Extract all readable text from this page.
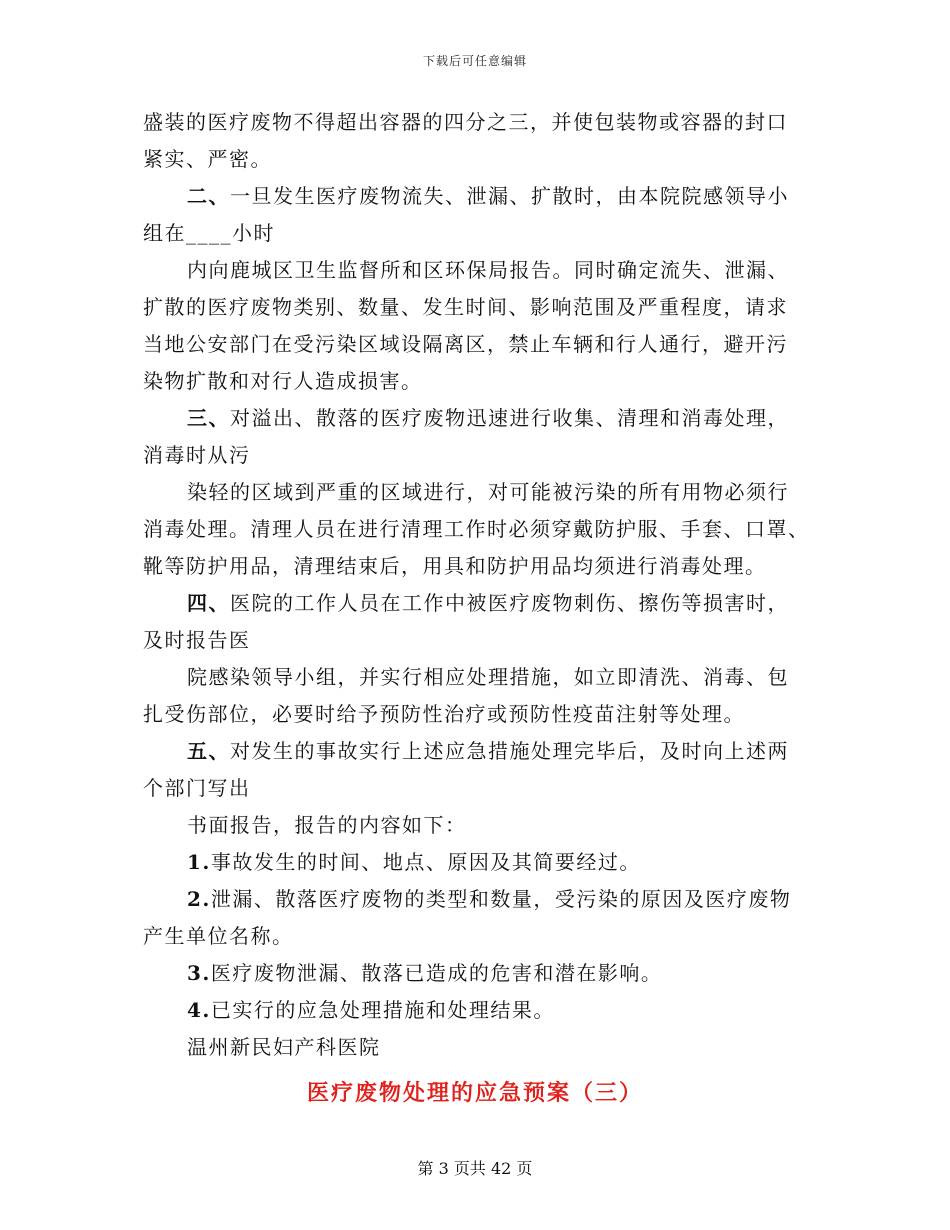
下载后可任意编辑
盛装的医疗废物不得超出容器的四分之三，并使包装物或容器的封口
紧实、严密。
二、一旦发生医疗废物流失、泄漏、扩散时，由本院院感领导小
组在____小时
内向鹿城区卫生监督所和区环保局报告。同时确定流失、泄漏、
扩散的医疗废物类别、数量、发生时间、影响范围及严重程度，请求
当地公安部门在受污染区域设隔离区，禁止车辆和行人通行，避开污
染物扩散和对行人造成损害。
三、对溢出、散落的医疗废物迅速进行收集、清理和消毒处理，
消毒时从污
染轻的区域到严重的区域进行，对可能被污染的所有用物必须行
消毒处理。清理人员在进行清理工作时必须穿戴防护服、手套、口罩、
靴等防护用品，清理结束后，用具和防护用品均须进行消毒处理。
四、医院的工作人员在工作中被医疗废物刺伤、擦伤等损害时，
及时报告医
院感染领导小组，并实行相应处理措施，如立即清洗、消毒、包
扎受伤部位，必要时给予预防性治疗或预防性疫苗注射等处理。
五、对发生的事故实行上述应急措施处理完毕后，及时向上述两
个部门写出
书面报告，报告的内容如下：
1.事故发生的时间、地点、原因及其简要经过。
2.泄漏、散落医疗废物的类型和数量，受污染的原因及医疗废物
产生单位名称。
3.医疗废物泄漏、散落已造成的危害和潜在影响。
4.已实行的应急处理措施和处理结果。
温州新民妇产科医院
医疗废物处理的应急预案（三）
第 3 页共 42 页
